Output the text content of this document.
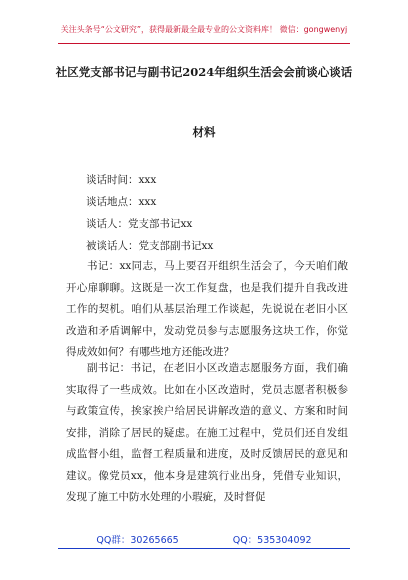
关注头条号“公文研究”，获得最新最全最专业的公文资料库！ 微信：gongwenyj
社区党支部书记与副书记2024年组织生活会会前谈心谈话
材料
谈话时间：xxx
谈话地点：xxx
谈话人：党支部书记xx
被谈话人：党支部副书记xx
书记：xx同志，马上要召开组织生活会了，今天咱们敞开心扉聊聊。这既是一次工作复盘，也是我们提升自我改进工作的契机。咱们从基层治理工作谈起，先说说在老旧小区改造和矛盾调解中，发动党员参与志愿服务这块工作，你觉得成效如何？有哪些地方还能改进？
副书记：书记，在老旧小区改造志愿服务方面，我们确实取得了一些成效。比如在小区改造时，党员志愿者积极参与政策宣传，挨家挨户给居民讲解改造的意义、方案和时间安排，消除了居民的疑虑。在施工过程中，党员们还自发组成监督小组，监督工程质量和进度，及时反馈居民的意见和建议。像党员xx，他本身是建筑行业出身，凭借专业知识，发现了施工中防水处理的小瑕疵，及时督促
QQ群：30265665	QQ：535304092
